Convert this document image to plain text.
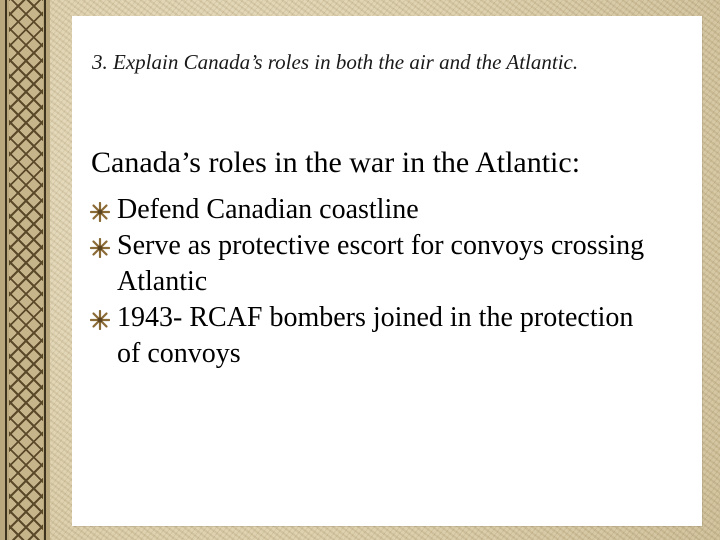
3. Explain Canada’s roles in both the air and the Atlantic.
Canada’s roles in the war in the Atlantic:
Defend Canadian coastline
Serve as protective escort for convoys crossing Atlantic
1943- RCAF bombers joined in the protection of convoys
